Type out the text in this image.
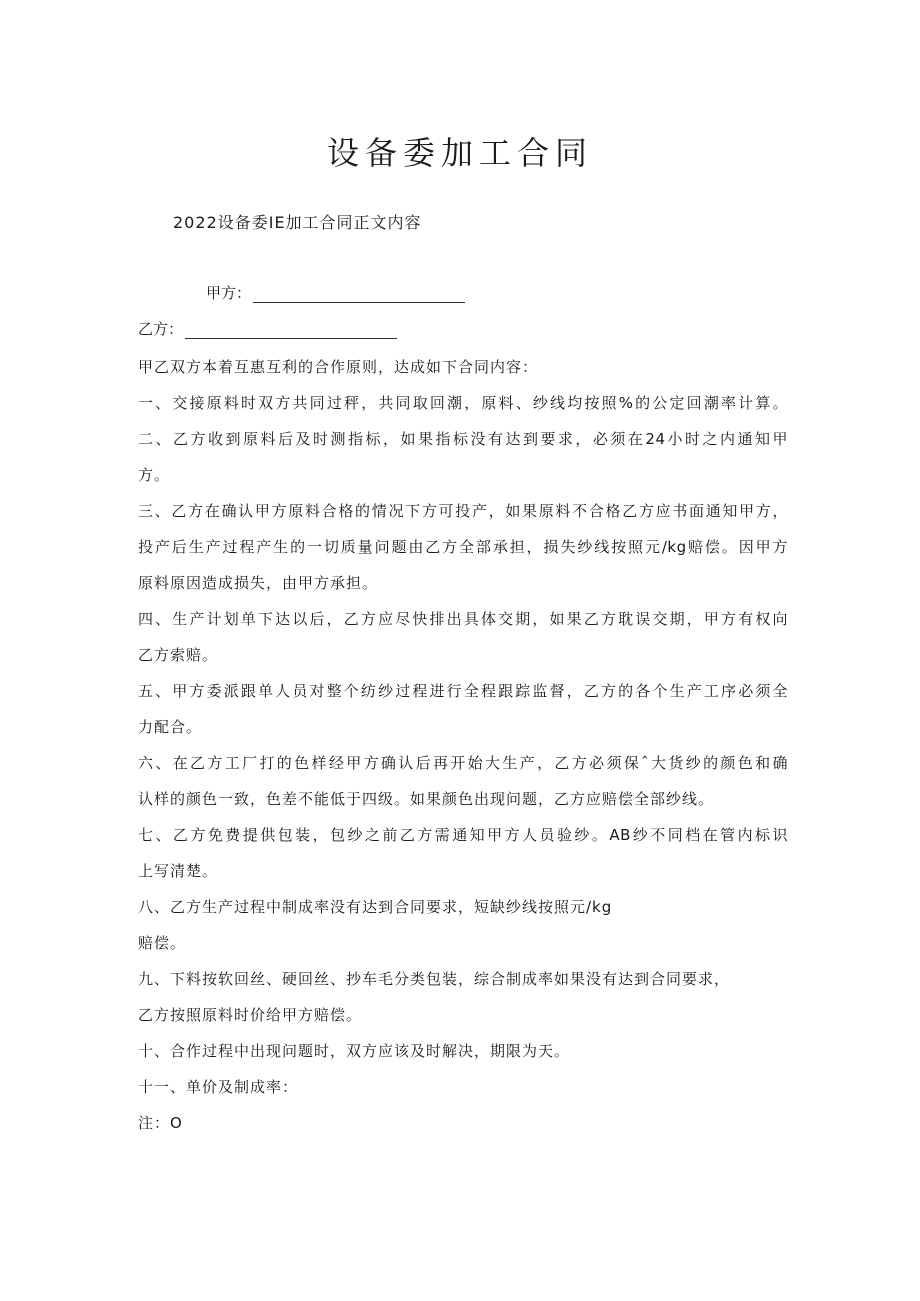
设备委加工合同

2022设备委IE加工合同正文内容

甲方：

乙方：

甲乙双方本着互惠互利的合作原则，达成如下合同内容：
一、交接原料时双方共同过秤，共同取回潮，原料、纱线均按照%的公定回潮率计算。
二、乙方收到原料后及时测指标，如果指标没有达到要求，必须在24小时之内通知甲
方。
三、乙方在确认甲方原料合格的情况下方可投产，如果原料不合格乙方应书面通知甲方，
投产后生产过程产生的一切质量问题由乙方全部承担，损失纱线按照元/kg赔偿。因甲方
原料原因造成损失，由甲方承担。
四、生产计划单下达以后，乙方应尽快排出具体交期，如果乙方耽误交期，甲方有权向
乙方索赔。
五、甲方委派跟单人员对整个纺纱过程进行全程跟踪监督，乙方的各个生产工序必须全
力配合。
六、在乙方工厂打的色样经甲方确认后再开始大生产，乙方必须保ˆ大货纱的颜色和确
认样的颜色一致，色差不能低于四级。如果颜色出现问题，乙方应赔偿全部纱线。
七、乙方免费提供包装，包纱之前乙方需通知甲方人员验纱。AB纱不同档在管内标识
上写清楚。
八、乙方生产过程中制成率没有达到合同要求，短缺纱线按照元/kg
赔偿。
九、下料按软回丝、硬回丝、抄车毛分类包装，综合制成率如果没有达到合同要求，
乙方按照原料时价给甲方赔偿。
十、合作过程中出现问题时，双方应该及时解决，期限为天。
十一、单价及制成率：
注：O
